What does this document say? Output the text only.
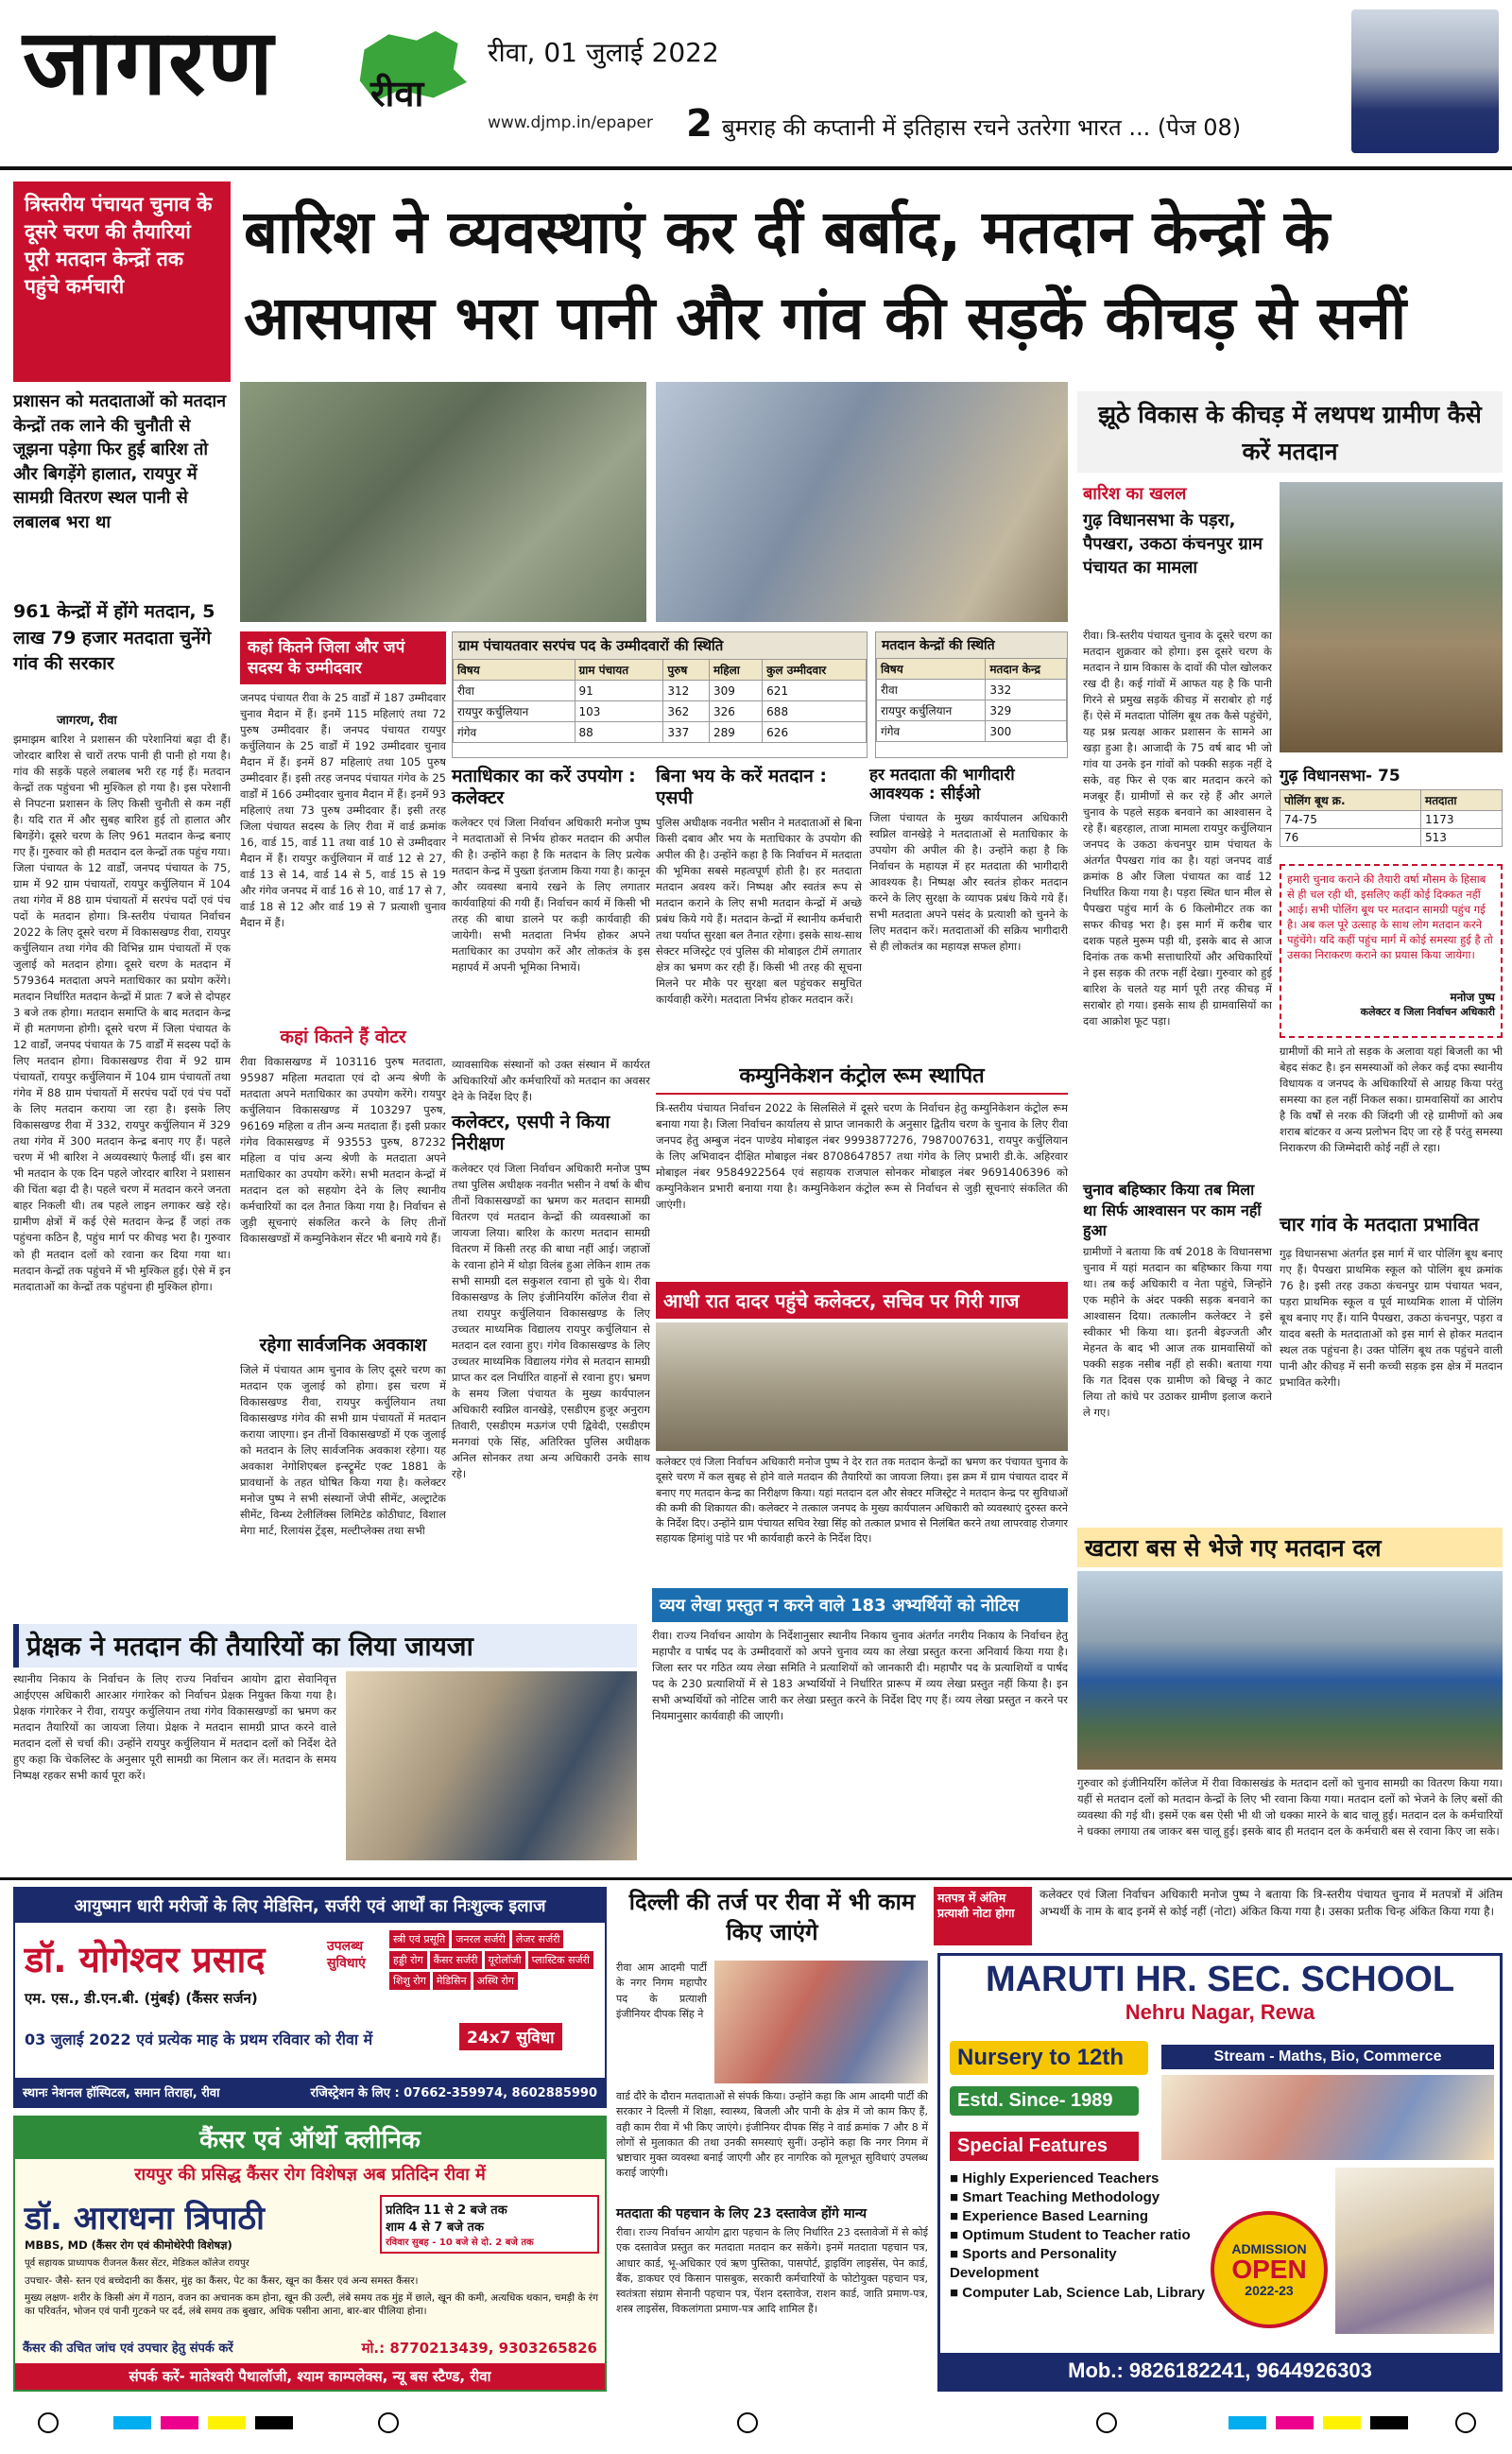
जागरण	रीवा
रीवा, 01 जुलाई 2022
www.djmp.in/epaper 2 बुमराह की कप्तानी में इतिहास रचने उतरेगा भारत ... (पेज 08)
त्रिस्तरीय पंचायत चुनाव के दूसरे चरण की तैयारियां पूरी मतदान केन्द्रों तक पहुंचे कर्मचारी
बारिश ने व्यवस्थाएं कर दीं बर्बाद, मतदान केन्द्रों के
आसपास भरा पानी और गांव की सड़कें कीचड़ से सनीं
प्रशासन को मतदाताओं को मतदान केन्द्रों तक लाने की चुनौती से जूझना पड़ेगा फिर हुई बारिश तो और बिगड़ेंगे हालात, रायपुर में सामग्री वितरण स्थल पानी से लबालब भरा था
961 केन्द्रों में होंगे मतदान, 5 लाख 79 हजार मतदाता चुनेंगे गांव की सरकार
जागरण, रीवा
झमाझम बारिश ने प्रशासन की परेशानियां बढ़ा दी हैं। जोरदार बारिश से चारों तरफ पानी ही पानी हो गया है। गांव की सड़कें पहले लबालब भरी रह गई हैं। मतदान केन्द्रों तक पहुंचना भी मुश्किल हो गया है। इस परेशानी से निपटना प्रशासन के लिए किसी चुनौती से कम नहीं है। यदि रात में और सुबह बारिश हुई तो हालात और बिगड़ेंगे। दूसरे चरण के लिए 961 मतदान केन्द्र बनाए गए हैं। गुरुवार को ही मतदान दल केन्द्रों तक पहुंच गया। जिला पंचायत के 12 वार्डों, जनपद पंचायत के 75, ग्राम में 92 ग्राम पंचायतों, रायपुर कर्चुलियान में 104 तथा गंगेव में 88 ग्राम पंचायतों में सरपंच पदों एवं पंच पदों के मतदान होगा। त्रि-स्तरीय पंचायत निर्वाचन 2022 के लिए दूसरे चरण में विकासखण्ड रीवा, रायपुर कर्चुलियान तथा गंगेव की विभिन्न ग्राम पंचायतों में एक जुलाई को मतदान होगा। दूसरे चरण के मतदान में 579364 मतदाता अपने मताधिकार का प्रयोग करेंगे। मतदान निर्धारित मतदान केन्द्रों में प्रातः 7 बजे से दोपहर 3 बजे तक होगा। मतदान समाप्ति के बाद मतदान केन्द्र में ही मतगणना होगी। दूसरे चरण में जिला पंचायत के 12 वार्डों, जनपद पंचायत के 75 वार्डों में सदस्य पदों के लिए मतदान होगा। विकासखण्ड रीवा में 92 ग्राम पंचायतों, रायपुर कर्चुलियान में 104 ग्राम पंचायतों तथा गंगेव में 88 ग्राम पंचायतों में सरपंच पदों एवं पंच पदों के लिए मतदान कराया जा रहा है। इसके लिए विकासखण्ड रीवा में 332, रायपुर कर्चुलियान में 329 तथा गंगेव में 300 मतदान केन्द्र बनाए गए हैं। पहले चरण में भी बारिश ने अव्यवस्थाएं फैलाई थीं। इस बार भी मतदान के एक दिन पहले जोरदार बारिश ने प्रशासन की चिंता बढ़ा दी है। पहले चरण में मतदान करने जनता बाहर निकली थी। तब पहले लाइन लगाकर खड़े रहे। ग्रामीण क्षेत्रों में कई ऐसे मतदान केन्द्र हैं जहां तक पहुंचना कठिन है, पहुंच मार्ग पर कीचड़ भरा है। गुरुवार को ही मतदान दलों को रवाना कर दिया गया था। मतदान केन्द्रों तक पहुंचने में भी मुश्किल हुई। ऐसे में इन मतदाताओं का केन्द्रों तक पहुंचना ही मुश्किल होगा।
कहां कितने जिला और जपं सदस्य के उम्मीदवार
जनपद पंचायत रीवा के 25 वार्डों में 187 उम्मीदवार चुनाव मैदान में हैं। इनमें 115 महिलाएं तथा 72 पुरुष उम्मीदवार हैं। जनपद पंचायत रायपुर कर्चुलियान के 25 वार्डों में 192 उम्मीदवार चुनाव मैदान में हैं। इनमें 87 महिलाएं तथा 105 पुरुष उम्मीदवार हैं। इसी तरह जनपद पंचायत गंगेव के 25 वार्डों में 166 उम्मीदवार चुनाव मैदान में हैं। इनमें 93 महिलाएं तथा 73 पुरुष उम्मीदवार हैं। इसी तरह जिला पंचायत सदस्य के लिए रीवा में वार्ड क्रमांक 16, वार्ड 15, वार्ड 11 तथा वार्ड 10 से उम्मीदवार मैदान में हैं। रायपुर कर्चुलियान में वार्ड 12 से 27, वार्ड 13 से 14, वार्ड 14 से 5, वार्ड 15 से 19 और गंगेव जनपद में वार्ड 16 से 10, वार्ड 17 से 7, वार्ड 18 से 12 और वार्ड 19 से 7 प्रत्याशी चुनाव मैदान में हैं।
ग्राम पंचायतवार सरपंच पद के उम्मीदवारों की स्थिति
विषय	ग्राम पंचायत	पुरुष	महिला	कुल उम्मीदवार
रीवा	91	312	309	621
रायपुर कर्चुलियान	103	362	326	688
गंगेव	88	337	289	626
मतदान केन्द्रों की स्थिति
विषय	मतदान केन्द्र
रीवा	332
रायपुर कर्चुलियान	329
गंगेव	300
मताधिकार का करें उपयोग : कलेक्टर
कलेक्टर एवं जिला निर्वाचन अधिकारी मनोज पुष्प ने मतदाताओं से निर्भय होकर मतदान की अपील की है। उन्होंने कहा है कि मतदान के लिए प्रत्येक मतदान केन्द्र में पुख्ता इंतजाम किया गया है। कानून और व्यवस्था बनाये रखने के लिए लगातार कार्यवाहियां की गयी हैं। निर्वाचन कार्य में किसी भी तरह की बाधा डालने पर कड़ी कार्यवाही की जायेगी। सभी मतदाता निर्भय होकर अपने मताधिकार का उपयोग करें और लोकतंत्र के इस महापर्व में अपनी भूमिका निभायें।
बिना भय के करें मतदान : एसपी
पुलिस अधीक्षक नवनीत भसीन ने मतदाताओं से बिना किसी दबाव और भय के मताधिकार के उपयोग की अपील की है। उन्होंने कहा है कि निर्वाचन में मतदाता की भूमिका सबसे महत्वपूर्ण होती है। हर मतदाता मतदान अवश्य करें। निष्पक्ष और स्वतंत्र रूप से मतदान कराने के लिए सभी मतदान केन्द्रों में अच्छे प्रबंध किये गये हैं। मतदान केन्द्रों में स्थानीय कर्मचारी तथा पर्याप्त सुरक्षा बल तैनात रहेगा। इसके साथ-साथ सेक्टर मजिस्ट्रेट एवं पुलिस की मोबाइल टीमें लगातार क्षेत्र का भ्रमण कर रही हैं। किसी भी तरह की सूचना मिलने पर मौके पर सुरक्षा बल पहुंचकर समुचित कार्यवाही करेंगे। मतदाता निर्भय होकर मतदान करें।
हर मतदाता की भागीदारी आवश्यक : सीईओ
जिला पंचायत के मुख्य कार्यपालन अधिकारी स्वप्निल वानखेड़े ने मतदाताओं से मताधिकार के उपयोग की अपील की है। उन्होंने कहा है कि निर्वाचन के महायज्ञ में हर मतदाता की भागीदारी आवश्यक है। निष्पक्ष और स्वतंत्र होकर मतदान करने के लिए सुरक्षा के व्यापक प्रबंध किये गये हैं। सभी मतदाता अपने पसंद के प्रत्याशी को चुनने के लिए मतदान करें। मतदाताओं की सक्रिय भागीदारी से ही लोकतंत्र का महायज्ञ सफल होगा।
कहां कितने हैं वोटर
रीवा विकासखण्ड में 103116 पुरुष मतदाता, 95987 महिला मतदाता एवं दो अन्य श्रेणी के मतदाता अपने मताधिकार का उपयोग करेंगे। रायपुर कर्चुलियान विकासखण्ड में 103297 पुरुष, 96169 महिला व तीन अन्य मतदाता हैं। इसी प्रकार गंगेव विकासखण्ड में 93553 पुरुष, 87232 महिला व पांच अन्य श्रेणी के मतदाता अपने मताधिकार का उपयोग करेंगे। सभी मतदान केन्द्रों में मतदान दल को सहयोग देने के लिए स्थानीय कर्मचारियों का दल तैनात किया गया है। निर्वाचन से जुड़ी सूचनाएं संकलित करने के लिए तीनों विकासखण्डों में कम्युनिकेशन सेंटर भी बनाये गये हैं।
रहेगा सार्वजनिक अवकाश
जिले में पंचायत आम चुनाव के लिए दूसरे चरण का मतदान एक जुलाई को होगा। इस चरण में विकासखण्ड रीवा, रायपुर कर्चुलियान तथा विकासखण्ड गंगेव की सभी ग्राम पंचायतों में मतदान कराया जाएगा। इन तीनों विकासखण्डों में एक जुलाई को मतदान के लिए सार्वजनिक अवकाश रहेगा। यह अवकाश नेगोशिएबल इन्स्ट्रूमेंट एक्ट 1881 के प्रावधानों के तहत घोषित किया गया है। कलेक्टर मनोज पुष्प ने सभी संस्थानों जेपी सीमेंट, अल्ट्राटेक सीमेंट, विन्ध्य टेलीलिंक्स लिमिटेड कोठीघाट, विशाल मेगा मार्ट, रिलायंस ट्रेंड्स, मल्टीप्लेक्स तथा सभी
व्यावसायिक संस्थानों को उक्त संस्थान में कार्यरत अधिकारियों और कर्मचारियों को मतदान का अवसर देने के निर्देश दिए हैं।
कलेक्टर, एसपी ने किया निरीक्षण
कलेक्टर एवं जिला निर्वाचन अधिकारी मनोज पुष्प तथा पुलिस अधीक्षक नवनीत भसीन ने वर्षा के बीच तीनों विकासखण्डों का भ्रमण कर मतदान सामग्री वितरण एवं मतदान केन्द्रों की व्यवस्थाओं का जायजा लिया। बारिश के कारण मतदान सामग्री वितरण में किसी तरह की बाधा नहीं आई। जहाजों के रवाना होने में थोड़ा विलंब हुआ लेकिन शाम तक सभी सामग्री दल सकुशल रवाना हो चुके थे। रीवा विकासखण्ड के लिए इंजीनियरिंग कॉलेज रीवा से तथा रायपुर कर्चुलियान विकासखण्ड के लिए उच्चतर माध्यमिक विद्यालय रायपुर कर्चुलियान से मतदान दल रवाना हुए। गंगेव विकासखण्ड के लिए उच्चतर माध्यमिक विद्यालय गंगेव से मतदान सामग्री प्राप्त कर दल निर्धारित वाहनों से रवाना हुए। भ्रमण के समय जिला पंचायत के मुख्य कार्यपालन अधिकारी स्वप्निल वानखेड़े, एसडीएम हुजूर अनुराग तिवारी, एसडीएम मऊगंज एपी द्विवेदी, एसडीएम मनगवां एके सिंह, अतिरिक्त पुलिस अधीक्षक अनिल सोनकर तथा अन्य अधिकारी उनके साथ रहे।
कम्युनिकेशन कंट्रोल रूम स्थापित
त्रि-स्तरीय पंचायत निर्वाचन 2022 के सिलसिले में दूसरे चरण के निर्वाचन हेतु कम्युनिकेशन कंट्रोल रूम बनाया गया है। जिला निर्वाचन कार्यालय से प्राप्त जानकारी के अनुसार द्वितीय चरण के चुनाव के लिए रीवा जनपद हेतु अम्बुज नंदन पाण्डेय मोबाइल नंबर 9993877276, 7987007631, रायपुर कर्चुलियान के लिए अभिवादन दीक्षित मोबाइल नंबर 8708647857 तथा गंगेव के लिए प्रभारी डी.के. अहिरवार मोबाइल नंबर 9584922564 एवं सहायक राजपाल सोनकर मोबाइल नंबर 9691406396 को कम्युनिकेशन प्रभारी बनाया गया है। कम्युनिकेशन कंट्रोल रूम से निर्वाचन से जुड़ी सूचनाएं संकलित की जाएंगी।
आधी रात दादर पहुंचे कलेक्टर, सचिव पर गिरी गाज
कलेक्टर एवं जिला निर्वाचन अधिकारी मनोज पुष्प ने देर रात तक मतदान केन्द्रों का भ्रमण कर पंचायत चुनाव के दूसरे चरण में कल सुबह से होने वाले मतदान की तैयारियों का जायजा लिया। इस क्रम में ग्राम पंचायत दादर में बनाए गए मतदान केन्द्र का निरीक्षण किया। यहां मतदान दल और सेक्टर मजिस्ट्रेट ने मतदान केन्द्र पर सुविधाओं की कमी की शिकायत की। कलेक्टर ने तत्काल जनपद के मुख्य कार्यपालन अधिकारी को व्यवस्थाएं दुरुस्त करने के निर्देश दिए। उन्होंने ग्राम पंचायत सचिव रेखा सिंह को तत्काल प्रभाव से निलंबित करने तथा लापरवाह रोजगार सहायक हिमांशु पांडे पर भी कार्यवाही करने के निर्देश दिए।
झूठे विकास के कीचड़ में लथपथ ग्रामीण कैसे करें मतदान
बारिश का खलल
गुढ़ विधानसभा के पड़रा, पैपखरा, उकठा कंचनपुर ग्राम पंचायत का मामला
रीवा। त्रि-स्तरीय पंचायत चुनाव के दूसरे चरण का मतदान शुक्रवार को होगा। इस दूसरे चरण के मतदान ने ग्राम विकास के दावों की पोल खोलकर रख दी है। कई गांवों में आफत यह है कि पानी गिरने से प्रमुख सड़कें कीचड़ में सराबोर हो गई हैं। ऐसे में मतदाता पोलिंग बूथ तक कैसे पहुंचेंगे, यह प्रश्न प्रत्यक्ष आकर प्रशासन के सामने आ खड़ा हुआ है। आजादी के 75 वर्ष बाद भी जो गांव या उनके इन गांवों को पक्की सड़क नहीं दे सके, वह फिर से एक बार मतदान करने को मजबूर हैं। ग्रामीणों से कर रहे हैं और अगले चुनाव के पहले सड़क बनवाने का आश्वासन दे रहे हैं। बहरहाल, ताजा मामला रायपुर कर्चुलियान जनपद के उकठा कंचनपुर ग्राम पंचायत के अंतर्गत पैपखरा गांव का है। यहां जनपद वार्ड क्रमांक 8 और जिला पंचायत का वार्ड 12 निर्धारित किया गया है। पड़रा स्थित धान मील से पैपखरा पहुंच मार्ग के 6 किलोमीटर तक का सफर कीचड़ भरा है। इस मार्ग में करीब चार दशक पहले मुरूम पड़ी थी, इसके बाद से आज दिनांक तक कभी सत्ताधारियों और अधिकारियों ने इस सड़क की तरफ नहीं देखा। गुरुवार को हुई बारिश के चलते यह मार्ग पूरी तरह कीचड़ में सराबोर हो गया। इसके साथ ही ग्रामवासियों का दवा आक्रोश फूट पड़ा।
गुढ़ विधानसभा- 75
पोलिंग बूथ क्र.	मतदाता
74-75	1173
76	513
हमारी चुनाव कराने की तैयारी वर्षा मौसम के हिसाब से ही चल रही थी, इसलिए कहीं कोई दिक्कत नहीं आई। सभी पोलिंग बूथ पर मतदान सामग्री पहुंच गई है। अब कल पूरे उत्साह के साथ लोग मतदान करने पहुंचेंगे। यदि कहीं पहुंच मार्ग में कोई समस्या हुई है तो उसका निराकरण कराने का प्रयास किया जायेगा।
मनोज पुष्प
कलेक्टर व जिला निर्वाचन अधिकारी
ग्रामीणों की माने तो सड़क के अलावा यहां बिजली का भी बेहद संकट है। इन समस्याओं को लेकर कई दफा स्थानीय विधायक व जनपद के अधिकारियों से आग्रह किया परंतु समस्या का हल नहीं निकल सका। ग्रामवासियों का आरोप है कि वर्षों से नरक की जिंदगी जी रहे ग्रामीणों को अब शराब बांटकर व अन्य प्रलोभन दिए जा रहे हैं परंतु समस्या निराकरण की जिम्मेदारी कोई नहीं ले रहा।
चुनाव बहिष्कार किया तब मिला था सिर्फ आश्वासन पर काम नहीं हुआ
ग्रामीणों ने बताया कि वर्ष 2018 के विधानसभा चुनाव में यहां मतदान का बहिष्कार किया गया था। तब कई अधिकारी व नेता पहुंचे, जिन्होंने एक महीने के अंदर पक्की सड़क बनवाने का आश्वासन दिया। तत्कालीन कलेक्टर ने इसे स्वीकार भी किया था। इतनी बेइज्जती और मेहनत के बाद भी आज तक ग्रामवासियों को पक्की सड़क नसीब नहीं हो सकी। बताया गया कि गत दिवस एक ग्रामीण को बिच्छू ने काट लिया तो कांधे पर उठाकर ग्रामीण इलाज कराने ले गए।
चार गांव के मतदाता प्रभावित
गुढ़ विधानसभा अंतर्गत इस मार्ग में चार पोलिंग बूथ बनाए गए हैं। पैपखरा प्राथमिक स्कूल को पोलिंग बूथ क्रमांक 76 है। इसी तरह उकठा कंचनपुर ग्राम पंचायत भवन, पड़रा प्राथमिक स्कूल व पूर्व माध्यमिक शाला में पोलिंग बूथ बनाए गए हैं। यानि पैपखरा, उकठा कंचनपुर, पड़रा व यादव बस्ती के मतदाताओं को इस मार्ग से होकर मतदान स्थल तक पहुंचना है। उक्त पोलिंग बूथ तक पहुंचने वाली पानी और कीचड़ में सनी कच्ची सड़क इस क्षेत्र में मतदान प्रभावित करेगी।
खटारा बस से भेजे गए मतदान दल
गुरुवार को इंजीनियरिंग कॉलेज में रीवा विकासखंड के मतदान दलों को चुनाव सामग्री का वितरण किया गया। यहीं से मतदान दलों को मतदान केन्द्रों के लिए भी रवाना किया गया। मतदान दलों को भेजने के लिए बसों की व्यवस्था की गई थी। इसमें एक बस ऐसी भी थी जो धक्का मारने के बाद चालू हुई। मतदान दल के कर्मचारियों ने धक्का लगाया तब जाकर बस चालू हुई। इसके बाद ही मतदान दल के कर्मचारी बस से रवाना किए जा सके।
प्रेक्षक ने मतदान की तैयारियों का लिया जायजा
स्थानीय निकाय के निर्वाचन के लिए राज्य निर्वाचन आयोग द्वारा सेवानिवृत्त आईएएस अधिकारी आरआर गंगारेकर को निर्वाचन प्रेक्षक नियुक्त किया गया है। प्रेक्षक गंगारेकर ने रीवा, रायपुर कर्चुलियान तथा गंगेव विकासखण्डों का भ्रमण कर मतदान तैयारियों का जायजा लिया। प्रेक्षक ने मतदान सामग्री प्राप्त करने वाले मतदान दलों से चर्चा की। उन्होंने रायपुर कर्चुलियान में मतदान दलों को निर्देश देते हुए कहा कि चेकलिस्ट के अनुसार पूरी सामग्री का मिलान कर लें। मतदान के समय निष्पक्ष रहकर सभी कार्य पूरा करें।
व्यय लेखा प्रस्तुत न करने वाले 183 अभ्यर्थियों को नोटिस
रीवा। राज्य निर्वाचन आयोग के निर्देशानुसार स्थानीय निकाय चुनाव अंतर्गत नगरीय निकाय के निर्वाचन हेतु महापौर व पार्षद पद के उम्मीदवारों को अपने चुनाव व्यय का लेखा प्रस्तुत करना अनिवार्य किया गया है। जिला स्तर पर गठित व्यय लेखा समिति ने प्रत्याशियों को जानकारी दी। महापौर पद के प्रत्याशियों व पार्षद पद के 230 प्रत्याशियों में से 183 अभ्यर्थियों ने निर्धारित प्रारूप में व्यय लेखा प्रस्तुत नहीं किया है। इन सभी अभ्यर्थियों को नोटिस जारी कर लेखा प्रस्तुत करने के निर्देश दिए गए हैं। व्यय लेखा प्रस्तुत न करने पर नियमानुसार कार्यवाही की जाएगी।
आयुष्मान धारी मरीजों के लिए मेडिसिन, सर्जरी एवं आर्थों का निःशुल्क इलाज
डॉ. योगेश्वर प्रसाद
एम. एस., डी.एन.बी. (मुंबई) (कैंसर सर्जन)
उपलब्ध सुविधाएं
स्त्री एवं प्रसूति	जनरल सर्जरी	लेजर सर्जरी
हड्डी रोग	कैंसर सर्जरी	यूरोलॉजी	प्लास्टिक सर्जरी
शिशु रोग	मेडिसिन	अस्थि रोग
03 जुलाई 2022 एवं प्रत्येक माह के प्रथम रविवार को रीवा में	24x7 सुविधा
स्थानः नेशनल हॉस्पिटल, समान तिराहा, रीवा	रजिस्ट्रेशन के लिए : 07662-359974, 8602885990
कैंसर एवं ऑर्थो क्लीनिक
रायपुर की प्रसिद्ध कैंसर रोग विशेषज्ञ अब प्रतिदिन रीवा में
डॉ. आराधना त्रिपाठी
MBBS, MD (कैंसर रोग एवं कीमोथेरेपी विशेषज्ञ)
पूर्व सहायक प्राध्यापक रीजनल कैंसर सेंटर, मेडिकल कॉलेज रायपुर
प्रतिदिन 11 से 2 बजे तक
शाम 4 से 7 बजे तक
रविवार सुबह - 10 बजे से दो. 2 बजे तक
उपचार- जैसे- स्तन एवं बच्चेदानी का कैंसर, मुंह का कैंसर, पेट का कैंसर, खून का कैंसर एवं अन्य समस्त कैंसर।
मुख्य लक्षण- शरीर के किसी अंग में गठान, वजन का अचानक कम होना, खून की उल्टी, लंबे समय तक मुंह में छाले, खून की कमी, अत्यधिक थकान, चमड़ी के रंग का परिवर्तन, भोजन एवं पानी गुटकने पर दर्द, लंबे समय तक बुखार, अधिक पसीना आना, बार-बार पीलिया होना।
कैंसर की उचित जांच एवं उपचार हेतु संपर्क करें	मो.: 8770213439, 9303265826
संपर्क करें- मातेश्वरी पैथालॉजी, श्याम काम्पलेक्स, न्यू बस स्टैण्ड, रीवा
दिल्ली की तर्ज पर रीवा में भी काम किए जाएंगे
रीवा आम आदमी पार्टी के नगर निगम महापौर पद के प्रत्याशी इंजीनियर दीपक सिंह ने
वार्ड दौरे के दौरान मतदाताओं से संपर्क किया। उन्होंने कहा कि आम आदमी पार्टी की सरकार ने दिल्ली में शिक्षा, स्वास्थ्य, बिजली और पानी के क्षेत्र में जो काम किए हैं, वही काम रीवा में भी किए जाएंगे। इंजीनियर दीपक सिंह ने वार्ड क्रमांक 7 और 8 में लोगों से मुलाकात की तथा उनकी समस्याएं सुनीं। उन्होंने कहा कि नगर निगम में भ्रष्टाचार मुक्त व्यवस्था बनाई जाएगी और हर नागरिक को मूलभूत सुविधाएं उपलब्ध कराई जाएंगी।
मतदाता की पहचान के लिए 23 दस्तावेज होंगे मान्य
रीवा। राज्य निर्वाचन आयोग द्वारा पहचान के लिए निर्धारित 23 दस्तावेजों में से कोई एक दस्तावेज प्रस्तुत कर मतदाता मतदान कर सकेंगे। इनमें मतदाता पहचान पत्र, आधार कार्ड, भू-अधिकार एवं ऋण पुस्तिका, पासपोर्ट, ड्राइविंग लाइसेंस, पेन कार्ड, बैंक, डाकघर एवं किसान पासबुक, सरकारी कर्मचारियों के फोटोयुक्त पहचान पत्र, स्वतंत्रता संग्राम सेनानी पहचान पत्र, पेंशन दस्तावेज, राशन कार्ड, जाति प्रमाण-पत्र, शस्त्र लाइसेंस, विकलांगता प्रमाण-पत्र आदि शामिल हैं।
मतपत्र में अंतिम प्रत्याशी नोटा होगा
कलेक्टर एवं जिला निर्वाचन अधिकारी मनोज पुष्प ने बताया कि त्रि-स्तरीय पंचायत चुनाव में मतपत्रों में अंतिम अभ्यर्थी के नाम के बाद इनमें से कोई नहीं (नोटा) अंकित किया गया है। उसका प्रतीक चिन्ह अंकित किया गया है।
MARUTI HR. SEC. SCHOOL
Nehru Nagar, Rewa
Nursery to 12th	Stream - Maths, Bio, Commerce
Estd. Since- 1989
Special Features
■ Highly Experienced Teachers
■ Smart Teaching Methodology
■ Experience Based Learning
■ Optimum Student to Teacher ratio
■ Sports and Personality Development
■ Computer Lab, Science Lab, Library
ADMISSION
OPEN
2022-23
Mob.: 9826182241, 9644926303
